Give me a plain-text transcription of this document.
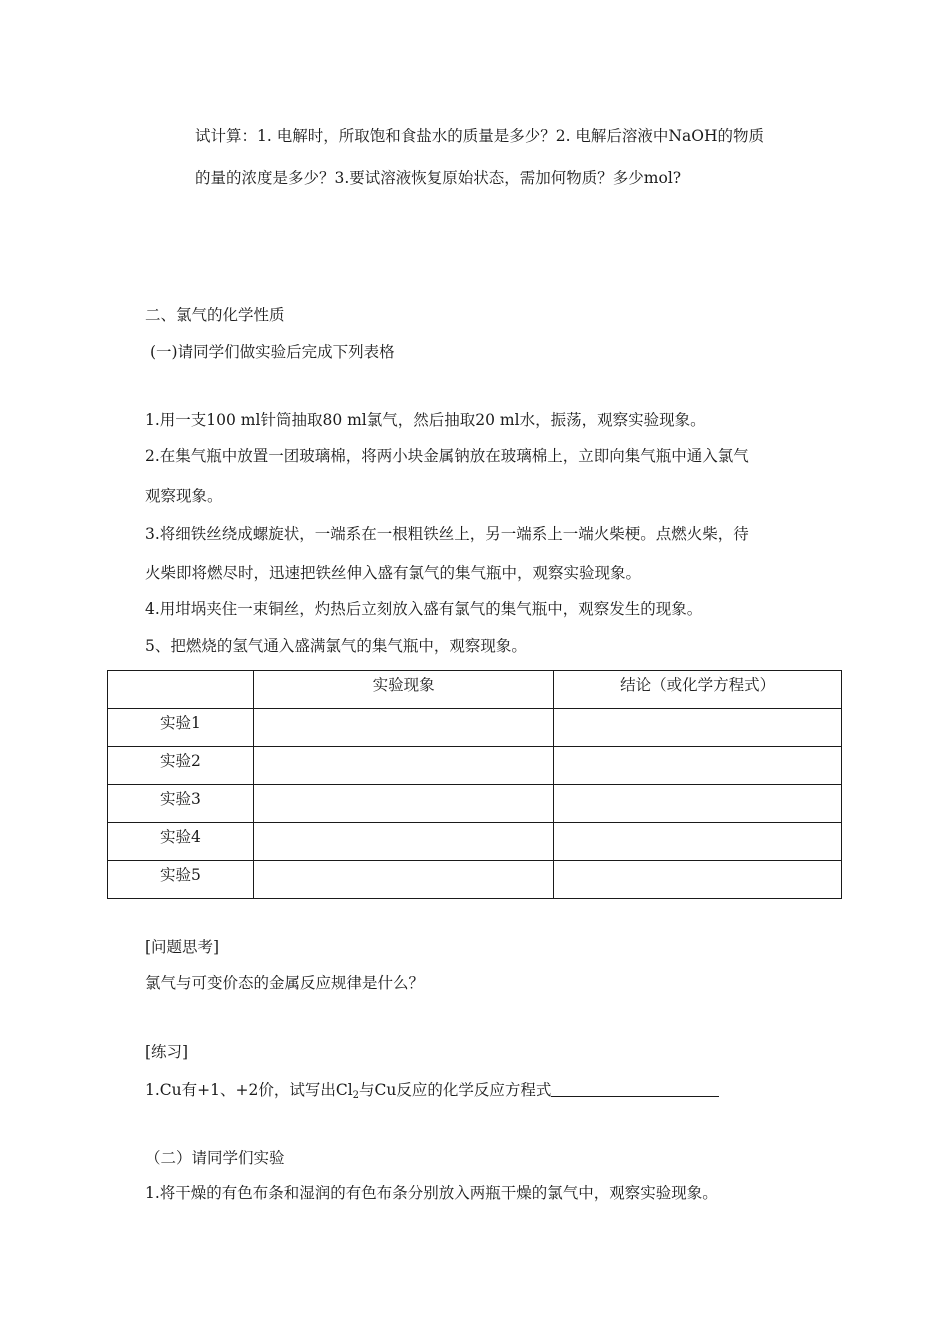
试计算：1. 电解时，所取饱和食盐水的质量是多少？2. 电解后溶液中NaOH的物质
的量的浓度是多少？3.要试溶液恢复原始状态，需加何物质？多少mol?
二、氯气的化学性质
(一)请同学们做实验后完成下列表格
1.用一支100 ml针筒抽取80 ml氯气，然后抽取20 ml水，振荡，观察实验现象。
2.在集气瓶中放置一团玻璃棉，将两小块金属钠放在玻璃棉上，立即向集气瓶中通入氯气
观察现象。
3.将细铁丝绕成螺旋状，一端系在一根粗铁丝上，另一端系上一端火柴梗。点燃火柴，待
火柴即将燃尽时，迅速把铁丝伸入盛有氯气的集气瓶中，观察实验现象。
4.用坩埚夹住一束铜丝，灼热后立刻放入盛有氯气的集气瓶中，观察发生的现象。
5、把燃烧的氢气通入盛满氯气的集气瓶中，观察现象。
	实验现象	结论（或化学方程式）
实验1		
实验2		
实验3		
实验4		
实验5		
[问题思考]
氯气与可变价态的金属反应规律是什么？
[练习]
1.Cu有+1、+2价，试写出$Cl_2$与Cu反应的化学反应方程式
（二）请同学们实验
1.将干燥的有色布条和湿润的有色布条分别放入两瓶干燥的氯气中，观察实验现象。
